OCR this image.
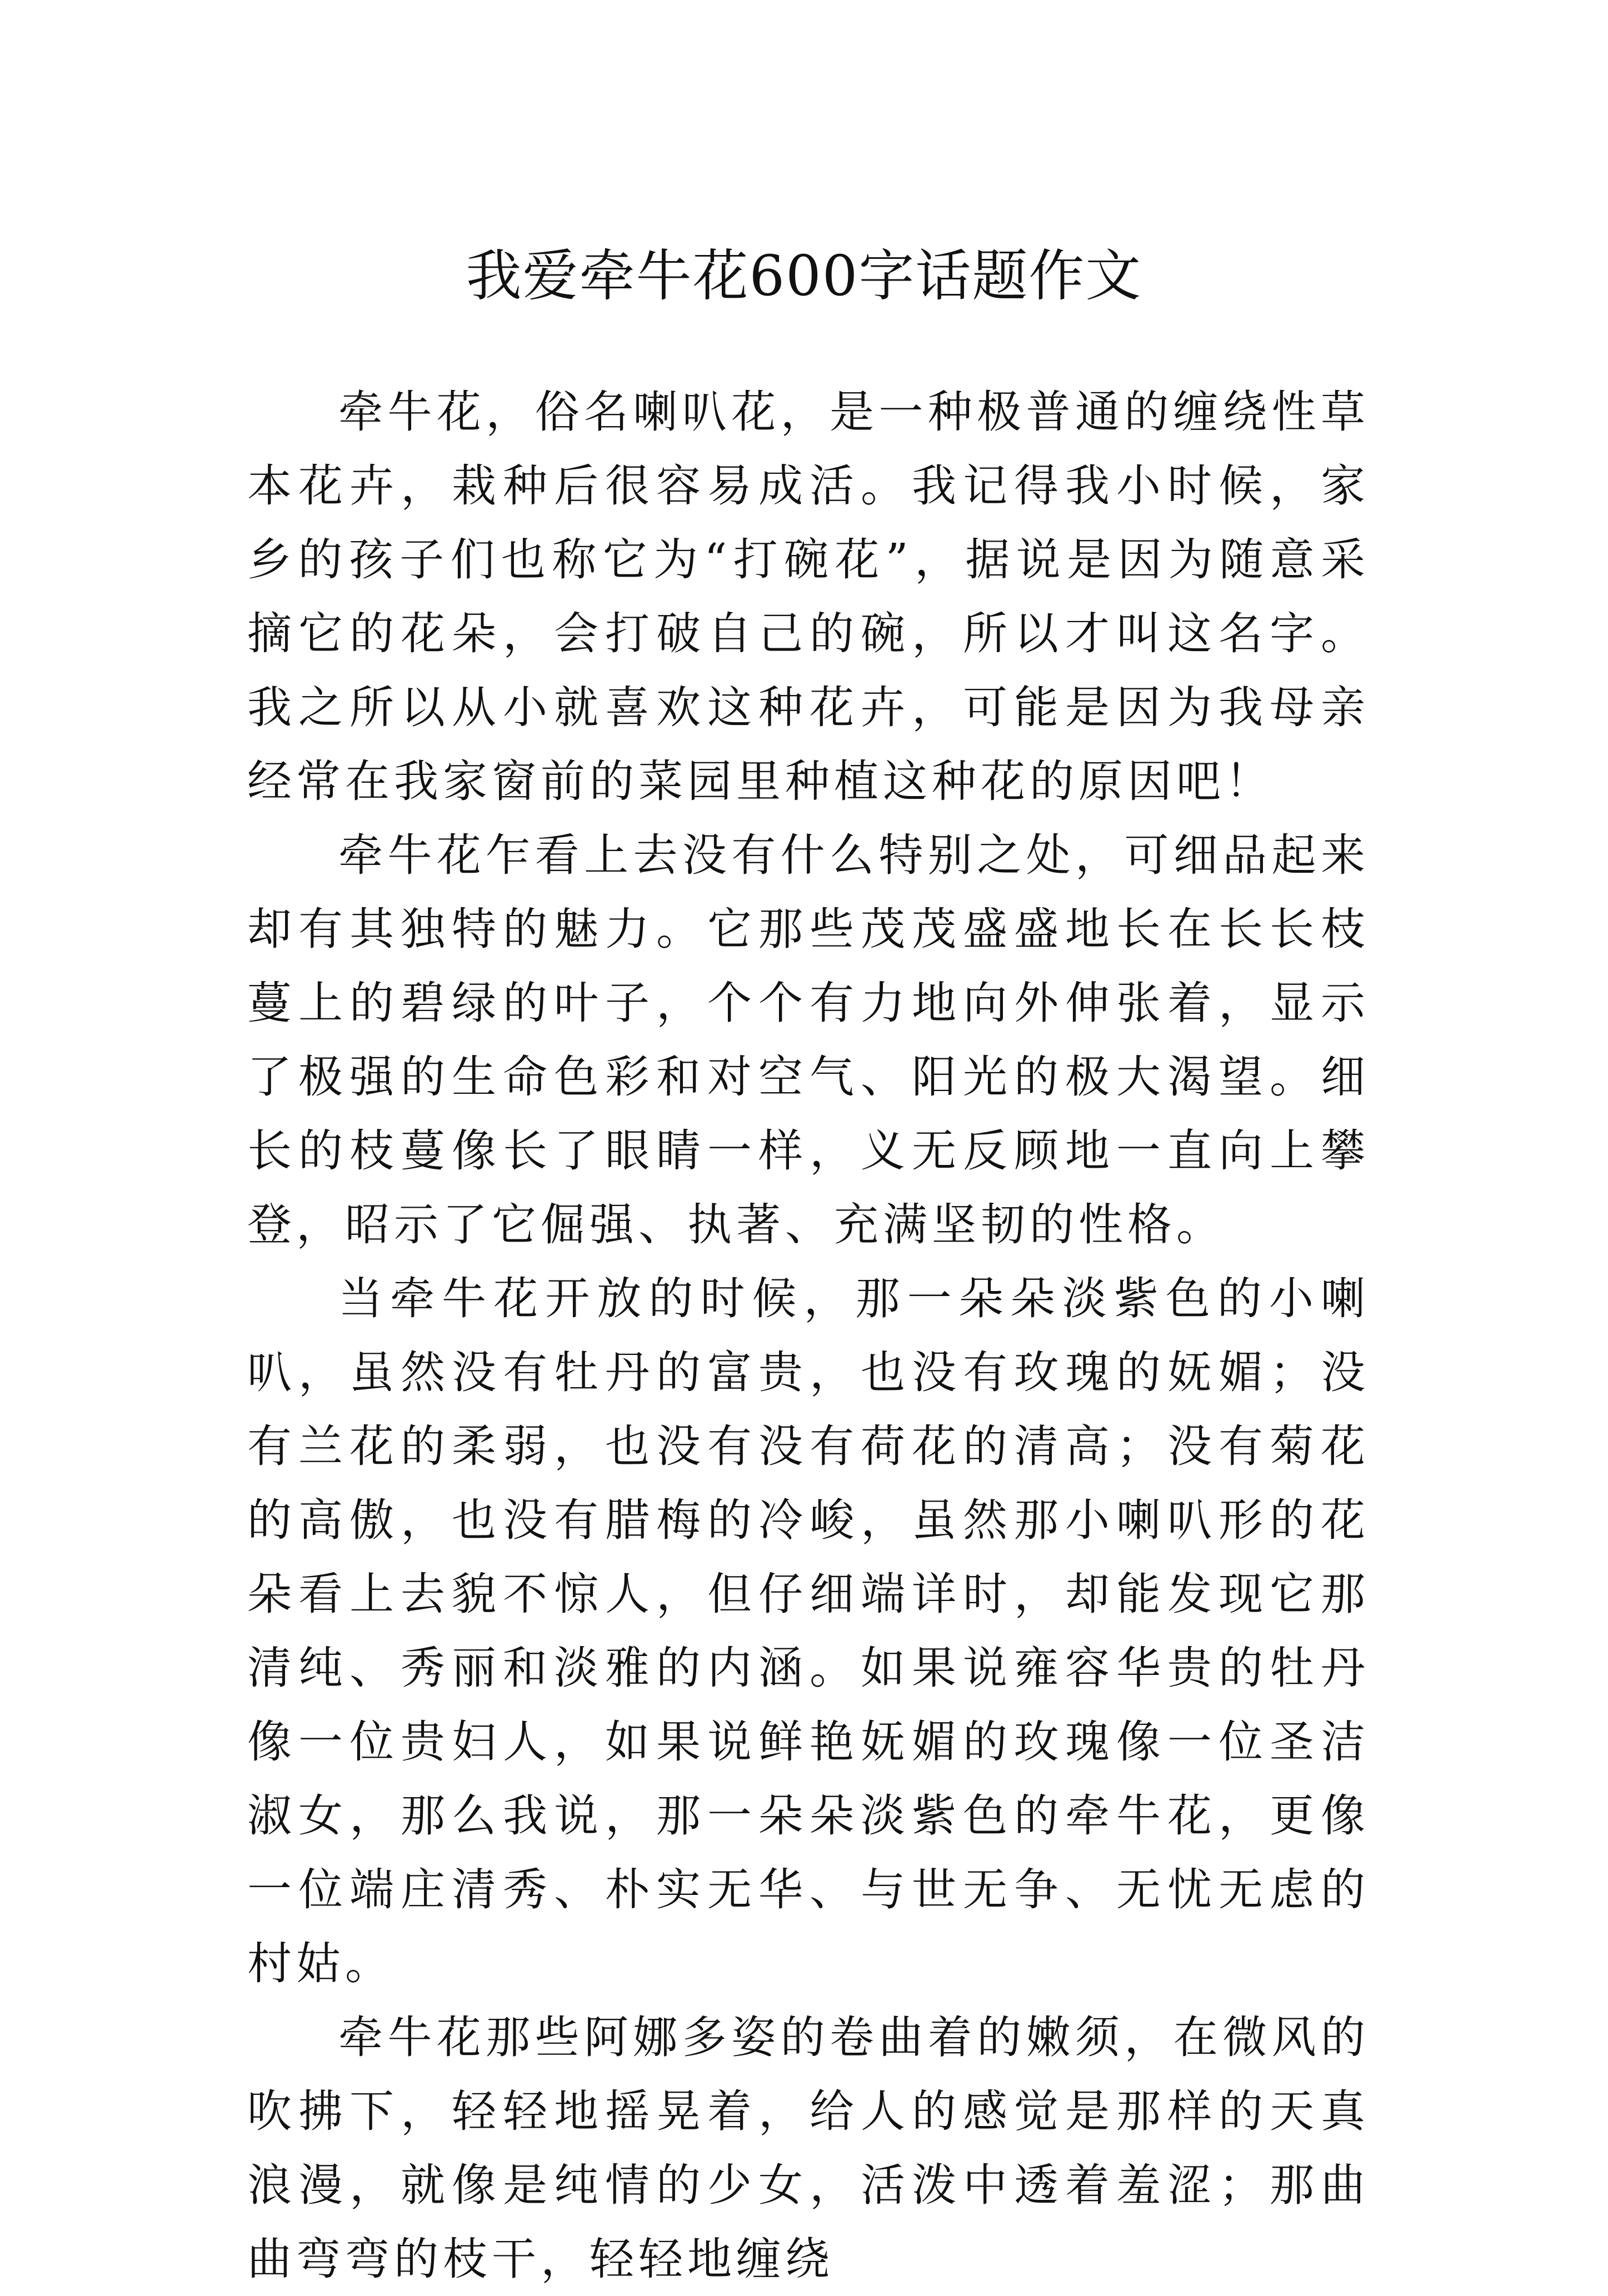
我爱牵牛花600字话题作文

牵牛花，俗名喇叭花，是一种极普通的缠绕性草本花卉，栽种后很容易成活。我记得我小时候，家乡的孩子们也称它为“打碗花”，据说是因为随意采摘它的花朵，会打破自己的碗，所以才叫这名字。我之所以从小就喜欢这种花卉，可能是因为我母亲经常在我家窗前的菜园里种植这种花的原因吧！

牵牛花乍看上去没有什么特别之处，可细品起来却有其独特的魅力。它那些茂茂盛盛地长在长长枝蔓上的碧绿的叶子，个个有力地向外伸张着，显示了极强的生命色彩和对空气、阳光的极大渴望。细长的枝蔓像长了眼睛一样，义无反顾地一直向上攀登，昭示了它倔强、执著、充满坚韧的性格。

当牵牛花开放的时候，那一朵朵淡紫色的小喇叭，虽然没有牡丹的富贵，也没有玫瑰的妩媚；没有兰花的柔弱，也没有没有荷花的清高；没有菊花的高傲，也没有腊梅的冷峻，虽然那小喇叭形的花朵看上去貌不惊人，但仔细端详时，却能发现它那清纯、秀丽和淡雅的内涵。如果说雍容华贵的牡丹像一位贵妇人，如果说鲜艳妩媚的玫瑰像一位圣洁淑女，那么我说，那一朵朵淡紫色的牵牛花，更像一位端庄清秀、朴实无华、与世无争、无忧无虑的村姑。

牵牛花那些阿娜多姿的卷曲着的嫩须，在微风的吹拂下，轻轻地摇晃着，给人的感觉是那样的天真浪漫，就像是纯情的少女，活泼中透着羞涩；那曲曲弯弯的枝干，轻轻地缠绕
